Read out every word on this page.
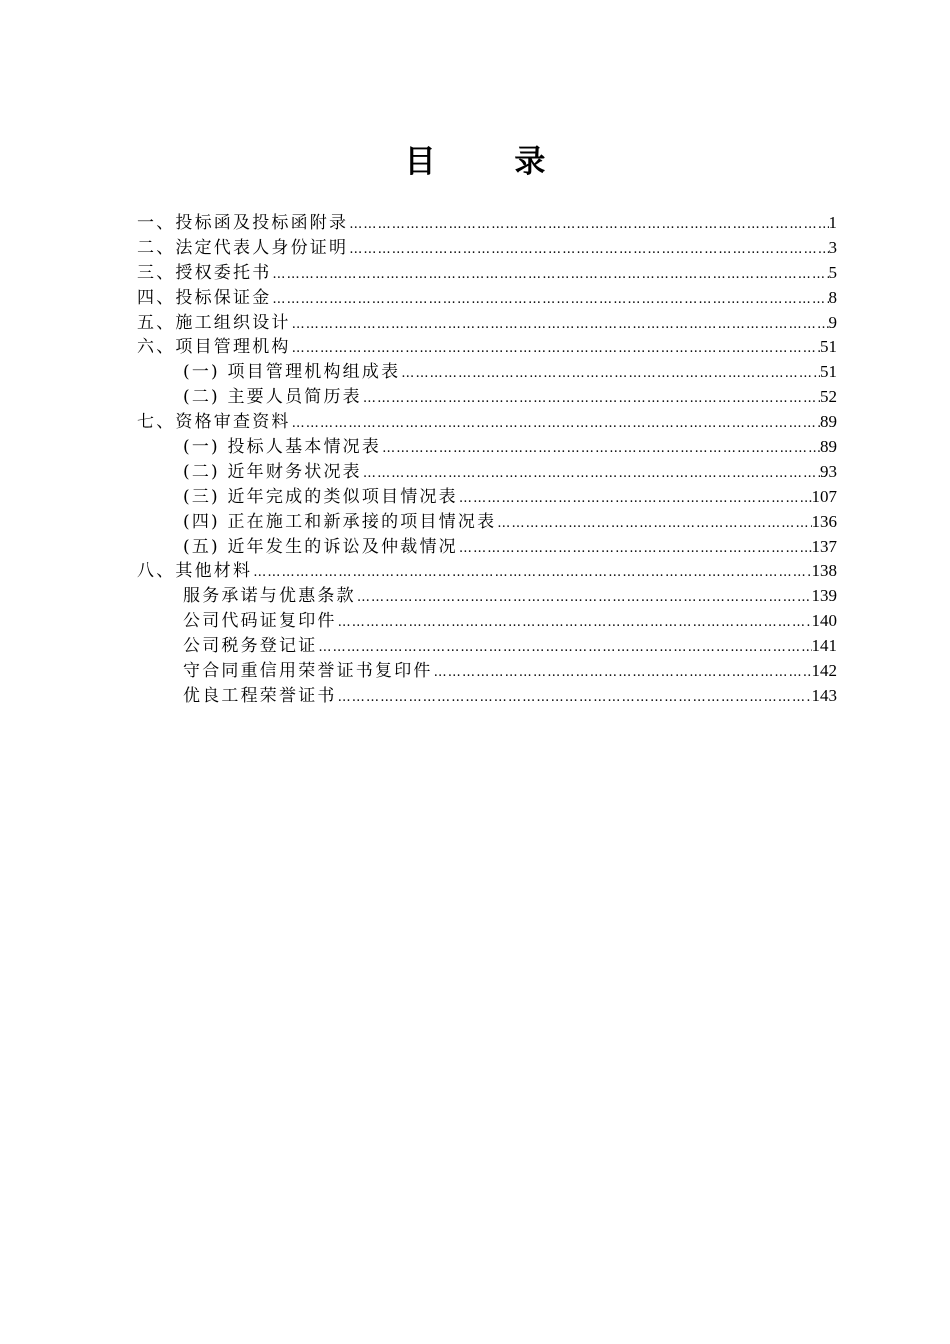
目 录
一、投标函及投标函附录 …………………………………………………………………………………………………………………………………………………………………………………………	1
二、法定代表人身份证明 …………………………………………………………………………………………………………………………………………………………………………………………	3
三、授权委托书 …………………………………………………………………………………………………………………………………………………………………………………………	5
四、投标保证金 …………………………………………………………………………………………………………………………………………………………………………………………	8
五、施工组织设计 …………………………………………………………………………………………………………………………………………………………………………………………	9
六、项目管理机构 …………………………………………………………………………………………………………………………………………………………………………………………	51
(一) 项目管理机构组成表 …………………………………………………………………………………………………………………………………………………………………………………………	51
(二) 主要人员简历表 …………………………………………………………………………………………………………………………………………………………………………………………	52
七、资格审查资料 …………………………………………………………………………………………………………………………………………………………………………………………	89
(一) 投标人基本情况表 …………………………………………………………………………………………………………………………………………………………………………………………	89
(二) 近年财务状况表 …………………………………………………………………………………………………………………………………………………………………………………………	93
(三) 近年完成的类似项目情况表 …………………………………………………………………………………………………………………………………………………………………………………………	107
(四) 正在施工和新承接的项目情况表 …………………………………………………………………………………………………………………………………………………………………………………………	136
(五) 近年发生的诉讼及仲裁情况 …………………………………………………………………………………………………………………………………………………………………………………………	137
八、其他材料 …………………………………………………………………………………………………………………………………………………………………………………………	138
服务承诺与优惠条款 …………………………………………………………………………………………………………………………………………………………………………………………	139
公司代码证复印件 …………………………………………………………………………………………………………………………………………………………………………………………	140
公司税务登记证 …………………………………………………………………………………………………………………………………………………………………………………………	141
守合同重信用荣誉证书复印件 …………………………………………………………………………………………………………………………………………………………………………………………	142
优良工程荣誉证书 …………………………………………………………………………………………………………………………………………………………………………………………	143
